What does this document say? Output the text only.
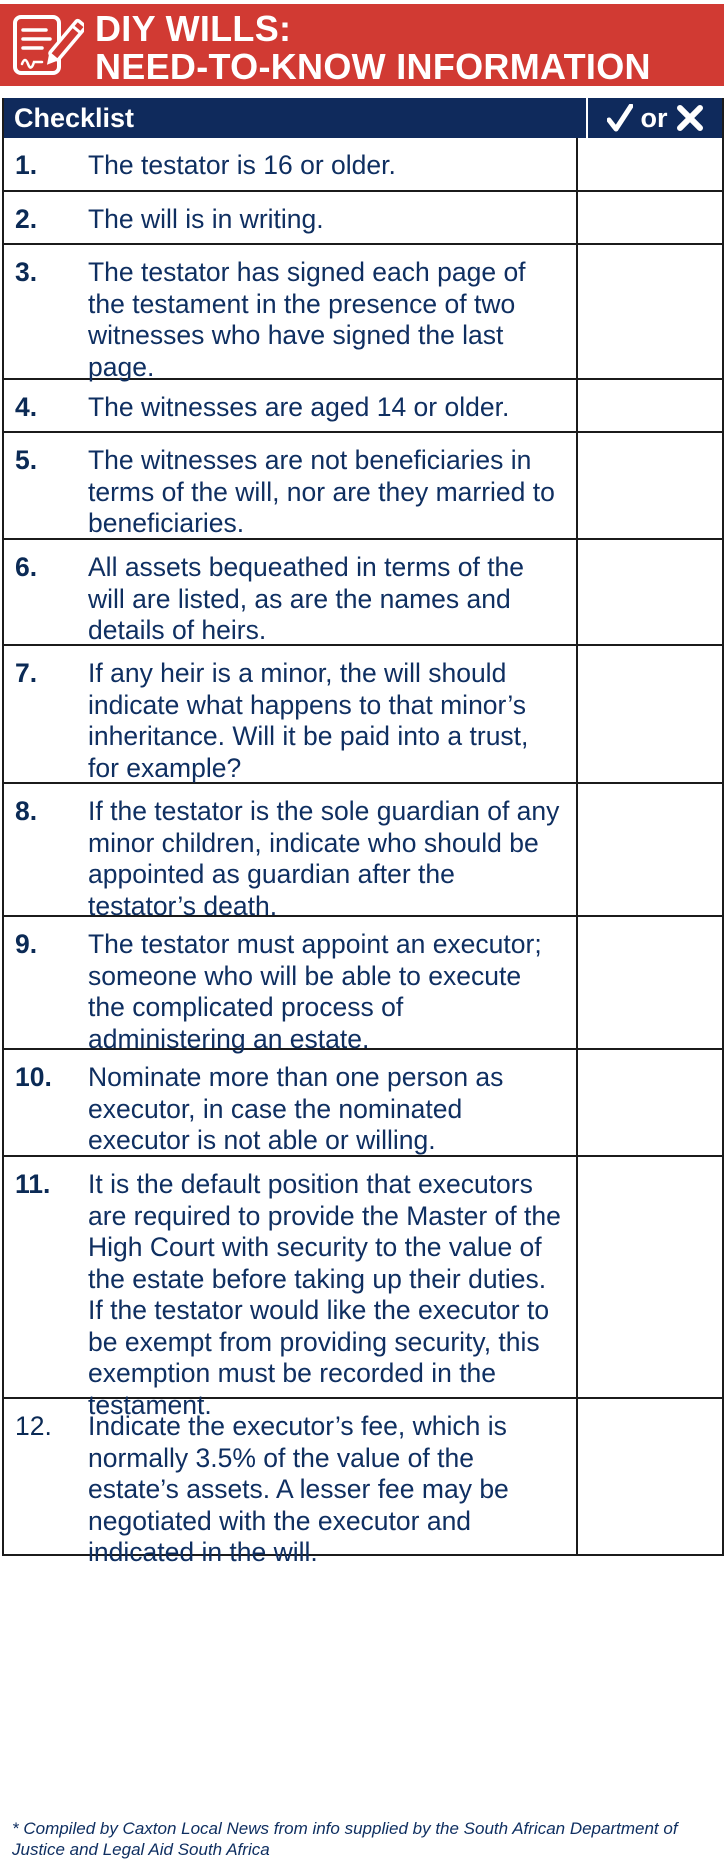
DIY WILLS:
NEED-TO-KNOW INFORMATION
Checklist	or
1.	The testator is 16 or older.
2.	The will is in writing.
3.	The testator has signed each page of the testament in the presence of two witnesses who have signed the last page.
4.	The witnesses are aged 14 or older.
5.	The witnesses are not beneficiaries in terms of the will, nor are they married to beneficiaries.
6.	All assets bequeathed in terms of the will are listed, as are the names and details of heirs.
7.	If any heir is a minor, the will should indicate what happens to that minor’s inheritance. Will it be paid into a trust, for example?
8.	If the testator is the sole guardian of any minor children, indicate who should be appointed as guardian after the testator’s death.
9.	The testator must appoint an executor; someone who will be able to execute the complicated process of administering an estate.
10.	Nominate more than one person as executor, in case the nominated executor is not able or willing.
11.	It is the default position that executors are required to provide the Master of the High Court with security to the value of the estate before taking up their duties. If the testator would like the executor to be exempt from providing security, this exemption must be recorded in the testament.
12.	Indicate the executor’s fee, which is normally 3.5% of the value of the estate’s assets. A lesser fee may be negotiated with the executor and indicated in the will.
* Compiled by Caxton Local News from info supplied by the South African Department of Justice and Legal Aid South Africa
